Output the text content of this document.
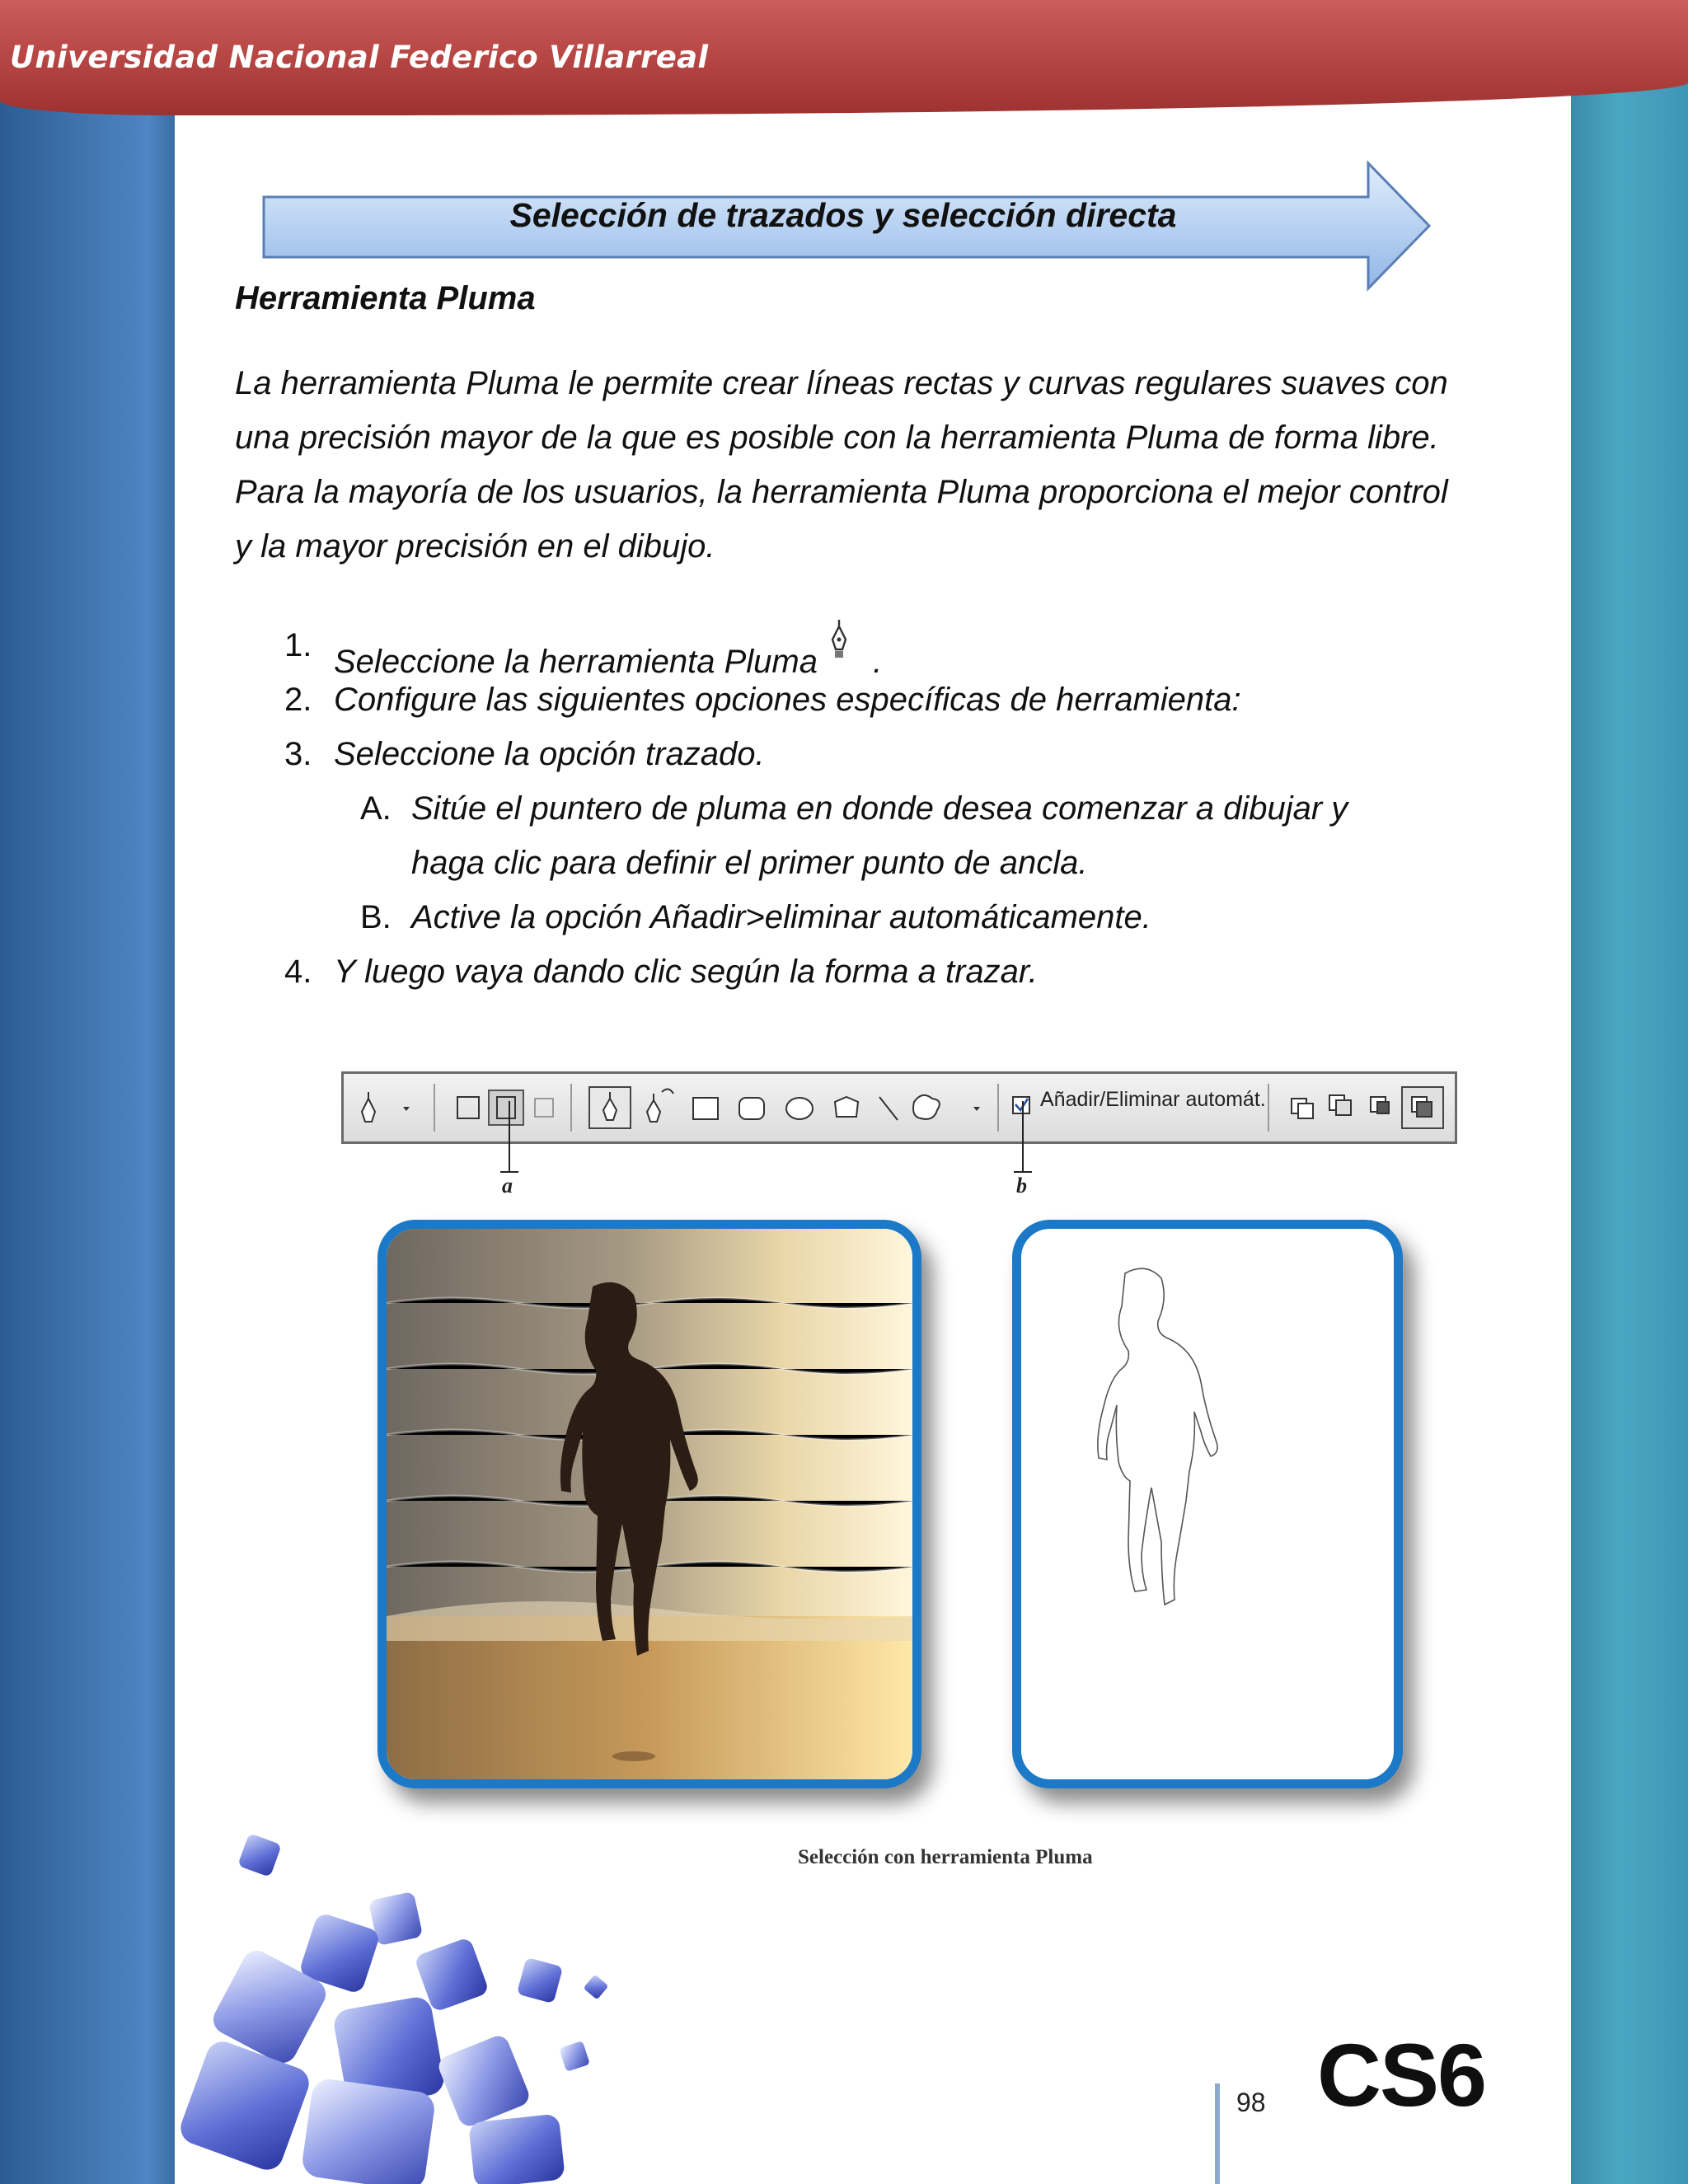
Universidad Nacional Federico Villarreal
Selección de trazados y selección directa
Herramienta Pluma

La herramienta Pluma le permite crear líneas rectas y curvas regulares suaves con una precisión mayor de la que es posible con la herramienta Pluma de forma libre. Para la mayoría de los usuarios, la herramienta Pluma proporciona el mejor control y la mayor precisión en el dibujo.

1. Seleccione la herramienta Pluma .
2. Configure las siguientes opciones específicas de herramienta:
3. Seleccione la opción trazado.
A. Sitúe el puntero de pluma en donde desea comenzar a dibujar y
haga clic para definir el primer punto de ancla.
B. Active la opción Añadir>eliminar automáticamente.
4. Y luego vaya dando clic según la forma a trazar.
Añadir/Eliminar automát.
a	b
Selección con herramienta Pluma
98 CS6
